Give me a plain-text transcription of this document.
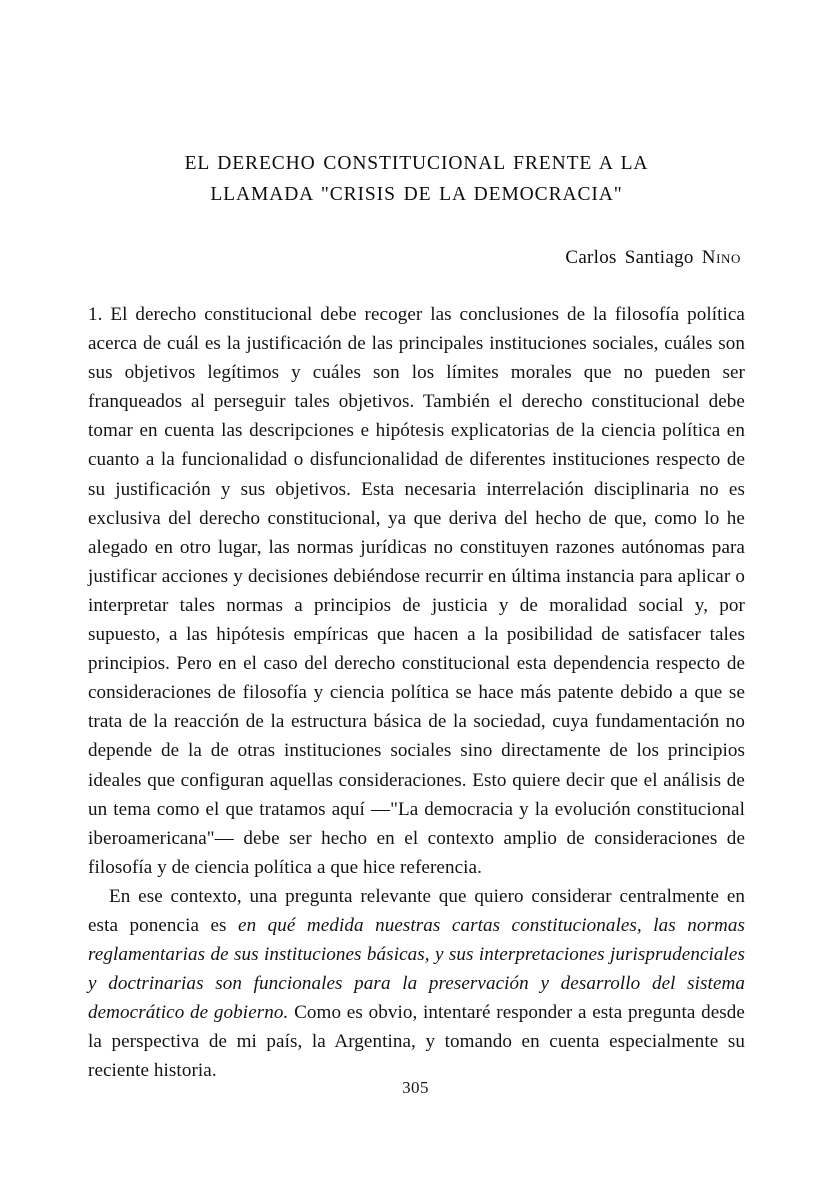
EL DERECHO CONSTITUCIONAL FRENTE A LA
LLAMADA "CRISIS DE LA DEMOCRACIA"
Carlos Santiago Nino

1. El derecho constitucional debe recoger las conclusiones de la filosofía política acerca de cuál es la justificación de las principales instituciones sociales, cuáles son sus objetivos legítimos y cuáles son los límites morales que no pueden ser franqueados al perseguir tales objetivos. También el derecho constitucional debe tomar en cuenta las descripciones e hipótesis explicatorias de la ciencia política en cuanto a la funcionalidad o disfuncionalidad de diferentes instituciones respecto de su justificación y sus objetivos. Esta necesaria interrelación disciplinaria no es exclusiva del derecho constitucional, ya que deriva del hecho de que, como lo he alegado en otro lugar, las normas jurídicas no constituyen razones autónomas para justificar acciones y decisiones debiéndose recurrir en última instancia para aplicar o interpretar tales normas a principios de justicia y de moralidad social y, por supuesto, a las hipótesis empíricas que hacen a la posibilidad de satisfacer tales principios. Pero en el caso del derecho constitucional esta dependencia respecto de consideraciones de filosofía y ciencia política se hace más patente debido a que se trata de la reacción de la estructura básica de la sociedad, cuya fundamentación no depende de la de otras instituciones sociales sino directamente de los principios ideales que configuran aquellas consideraciones. Esto quiere decir que el análisis de un tema como el que tratamos aquí —"La democracia y la evolución constitucional iberoamericana"— debe ser hecho en el contexto amplio de consideraciones de filosofía y de ciencia política a que hice referencia.

En ese contexto, una pregunta relevante que quiero considerar centralmente en esta ponencia es en qué medida nuestras cartas constitucionales, las normas reglamentarias de sus instituciones básicas, y sus interpretaciones jurisprudenciales y doctrinarias son funcionales para la preservación y desarrollo del sistema democrático de gobierno. Como es obvio, intentaré responder a esta pregunta desde la perspectiva de mi país, la Argentina, y tomando en cuenta especialmente su reciente historia.

305
